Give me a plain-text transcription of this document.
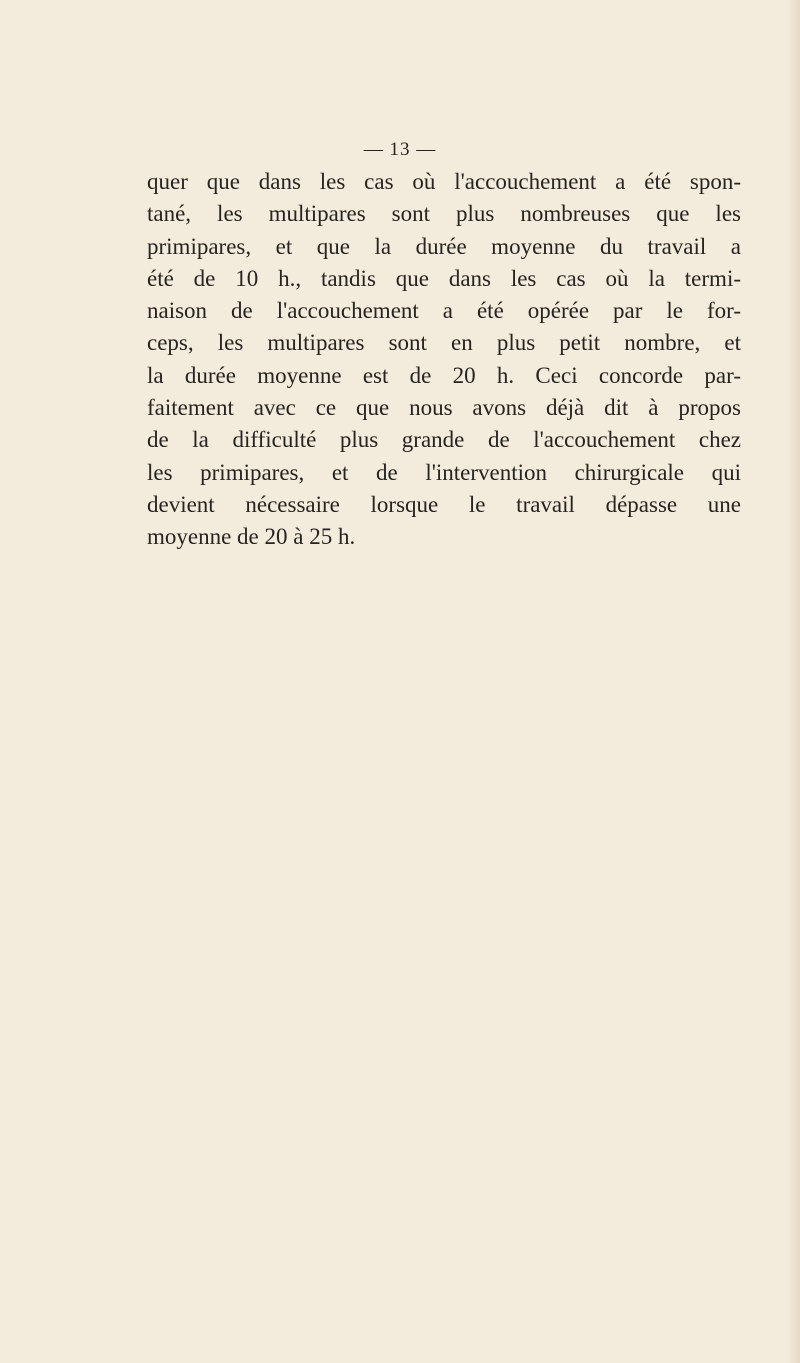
— 13 —
quer que dans les cas où l'accouchement a été spon-
tané, les multipares sont plus nombreuses que les
primipares, et que la durée moyenne du travail a
été de 10 h., tandis que dans les cas où la termi-
naison de l'accouchement a été opérée par le for-
ceps, les multipares sont en plus petit nombre, et
la durée moyenne est de 20 h. Ceci concorde par-
faitement avec ce que nous avons déjà dit à propos
de la difficulté plus grande de l'accouchement chez
les primipares, et de l'intervention chirurgicale qui
devient nécessaire lorsque le travail dépasse une
moyenne de 20 à 25 h.
